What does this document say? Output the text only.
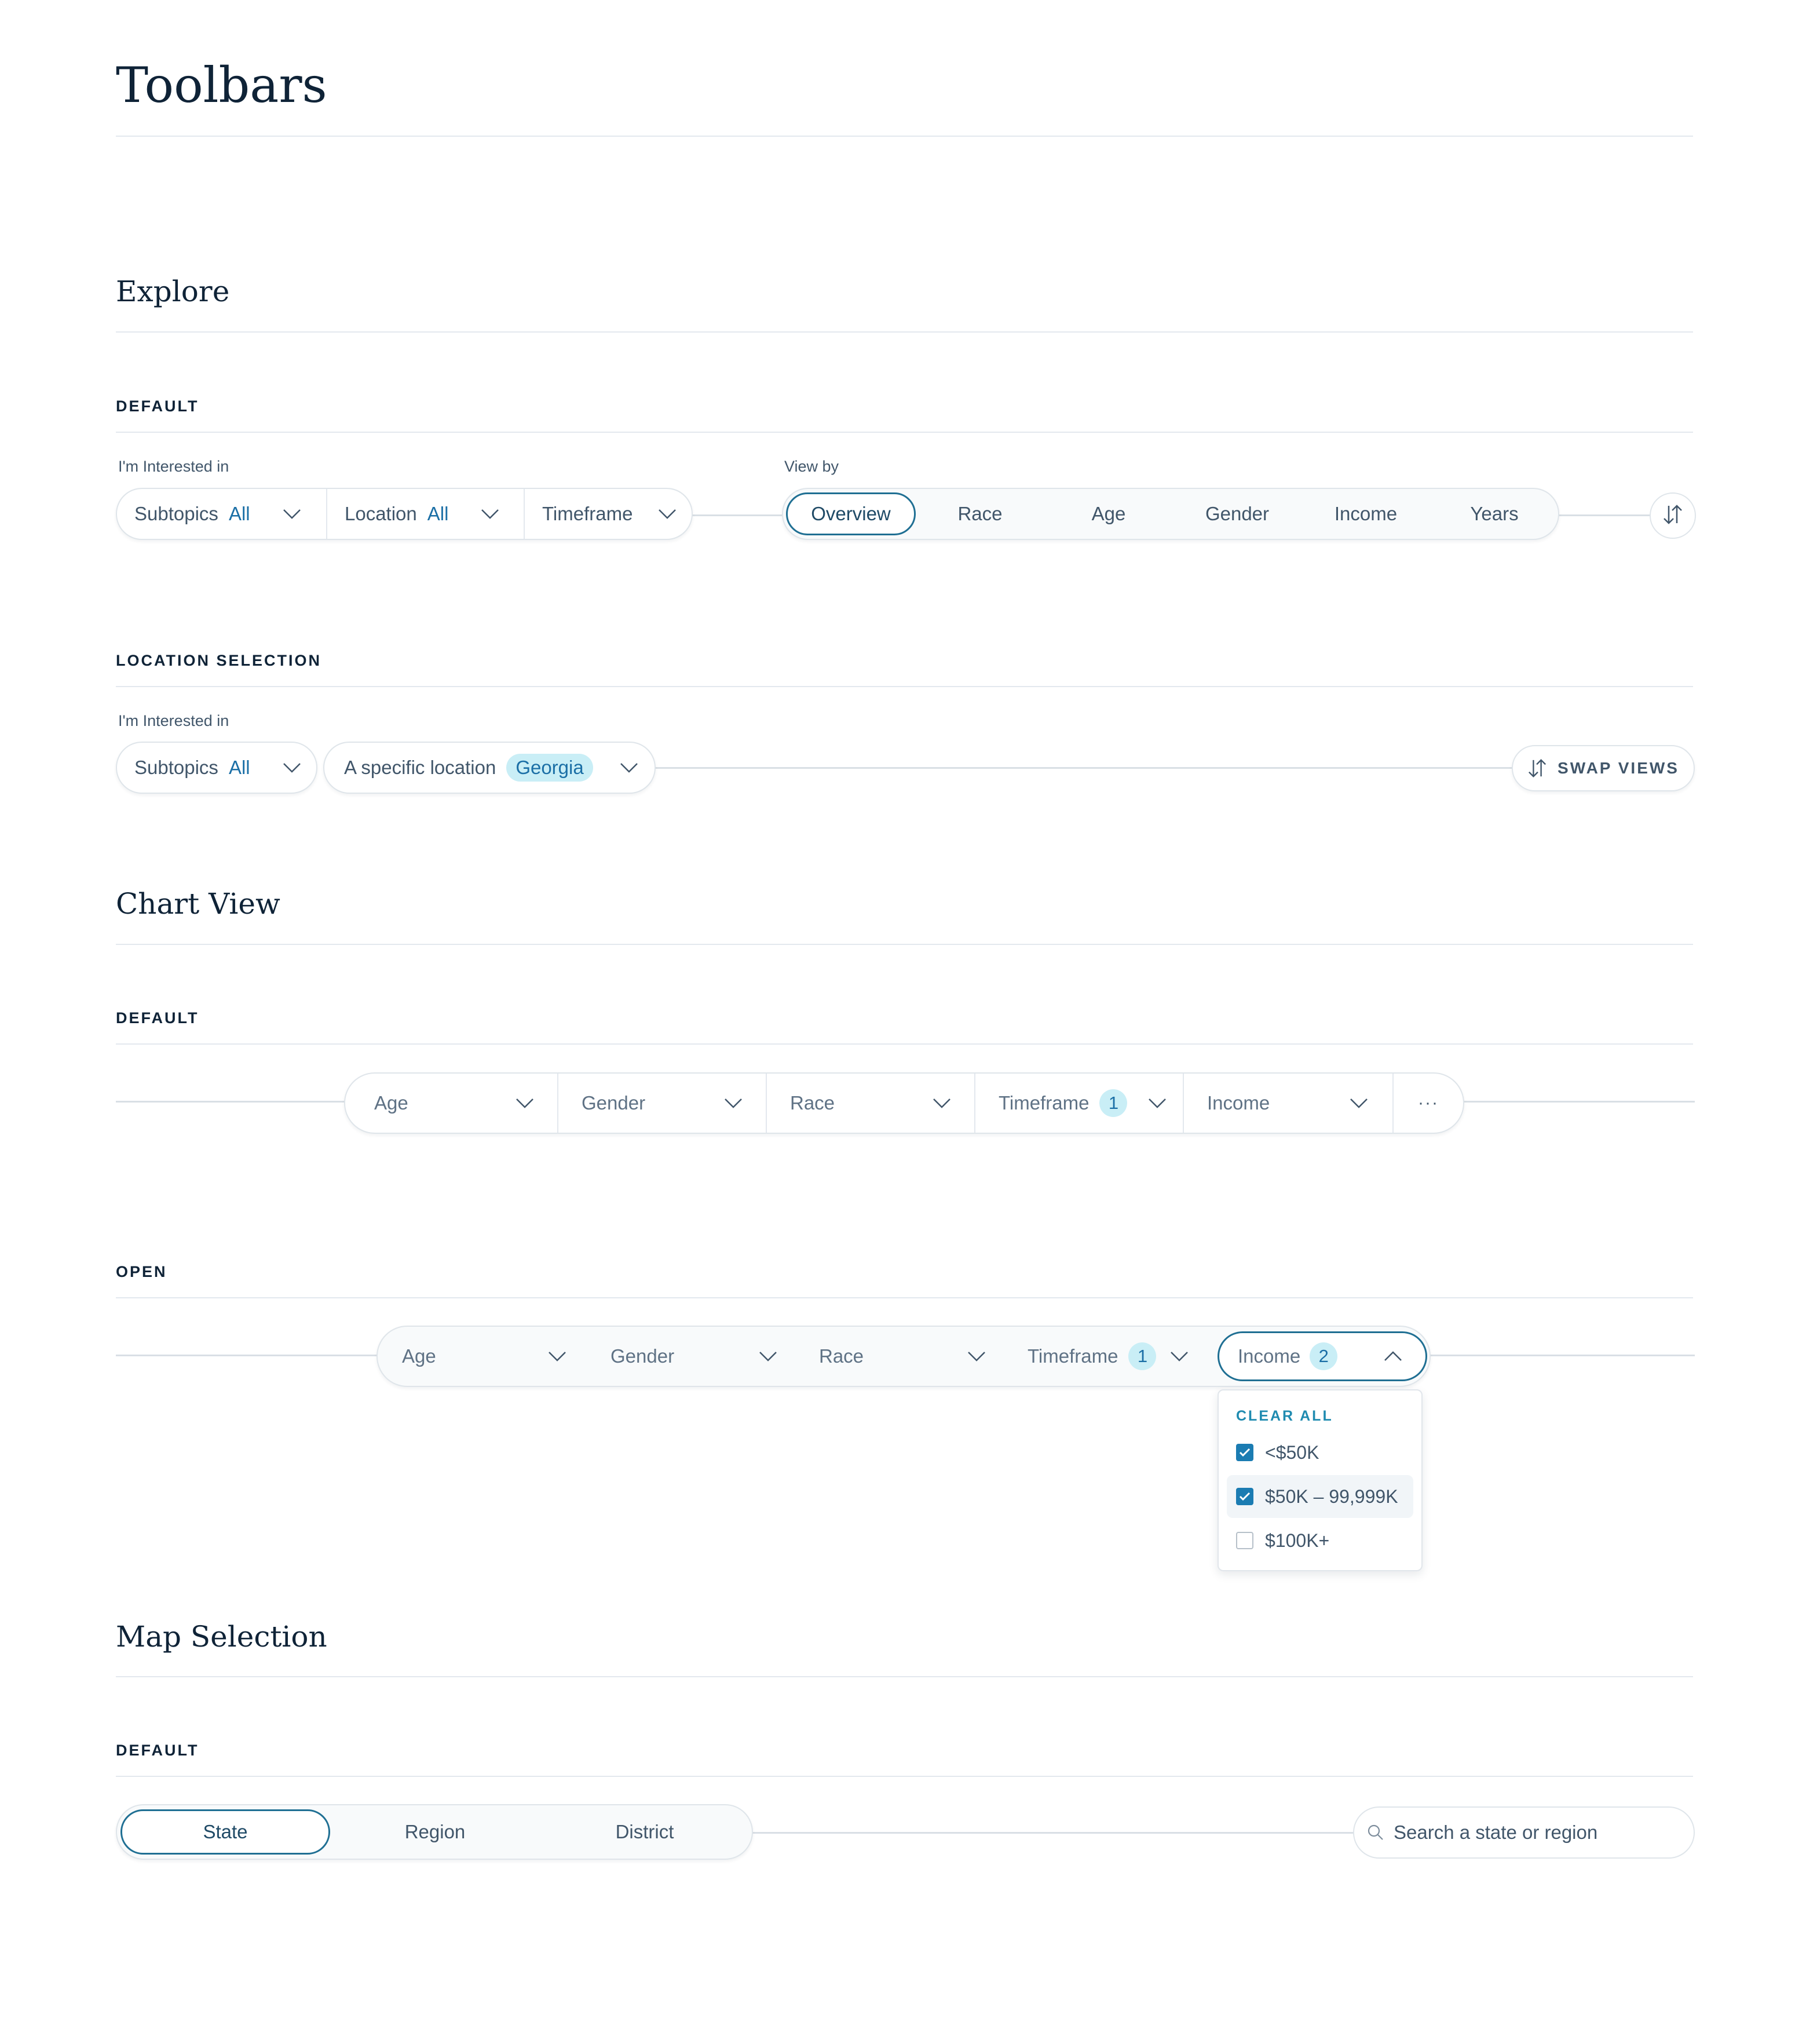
Toolbars
Explore
DEFAULT
I'm Interested in	View by
Subtopics All	Location All	Timeframe	Overview	Race	Age	Gender	Income	Years
LOCATION SELECTION
I'm Interested in
Subtopics All	A specific location	Georgia	SWAP VIEWS
Chart View
DEFAULT
Age	Gender	Race	Timeframe	1	Income	···
OPEN
Age	Gender	Race	Timeframe	1	Income	2
CLEAR ALL
<$50K
$50K – 99,999K
$100K+
Map Selection
DEFAULT
State	Region	District	Search a state or region
